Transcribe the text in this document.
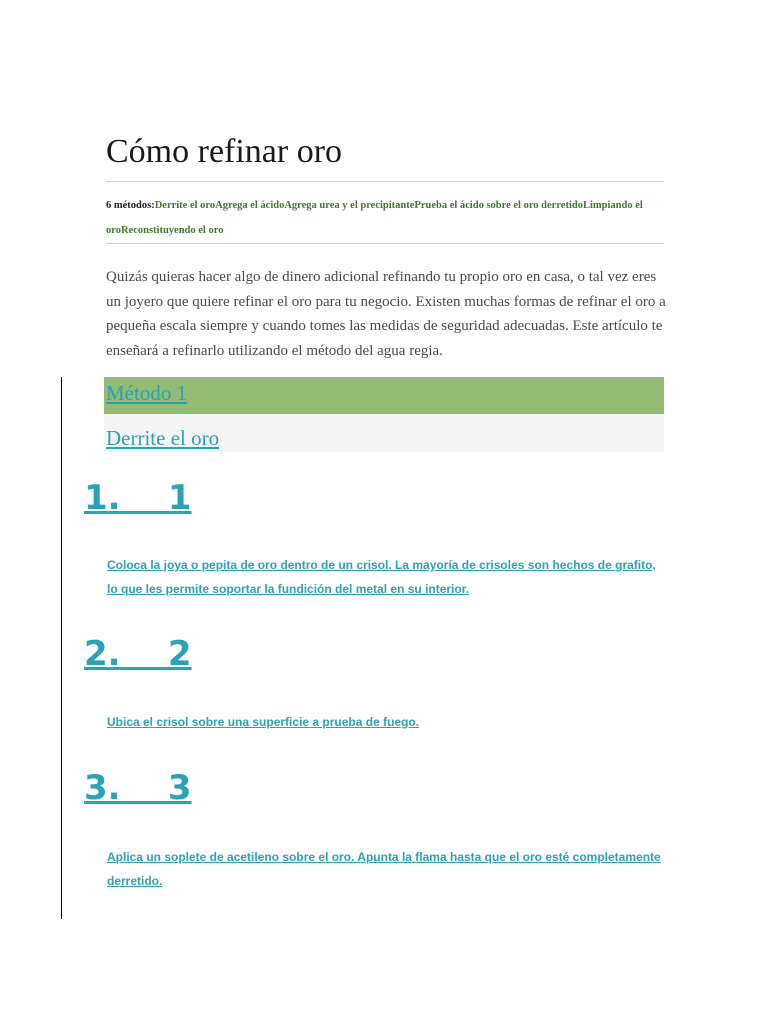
Cómo refinar oro
6 métodos:Derrite el oroAgrega el ácidoAgrega urea y el precipitantePrueba el ácido sobre el oro derretidoLimpiando el oroReconstituyendo el oro
Quizás quieras hacer algo de dinero adicional refinando tu propio oro en casa, o tal vez eres un joyero que quiere refinar el oro para tu negocio. Existen muchas formas de refinar el oro a pequeña escala siempre y cuando tomes las medidas de seguridad adecuadas. Este artículo te enseñará a refinarlo utilizando el método del agua regia.
Método 1
Derrite el oro
1.    1
Coloca la joya o pepita de oro dentro de un crisol. La mayoría de crisoles son hechos de grafito, lo que les permite soportar la fundición del metal en su interior.
2.    2
Ubica el crisol sobre una superficie a prueba de fuego.
3.    3
Aplica un soplete de acetileno sobre el oro. Apunta la flama hasta que el oro esté completamente derretido.
